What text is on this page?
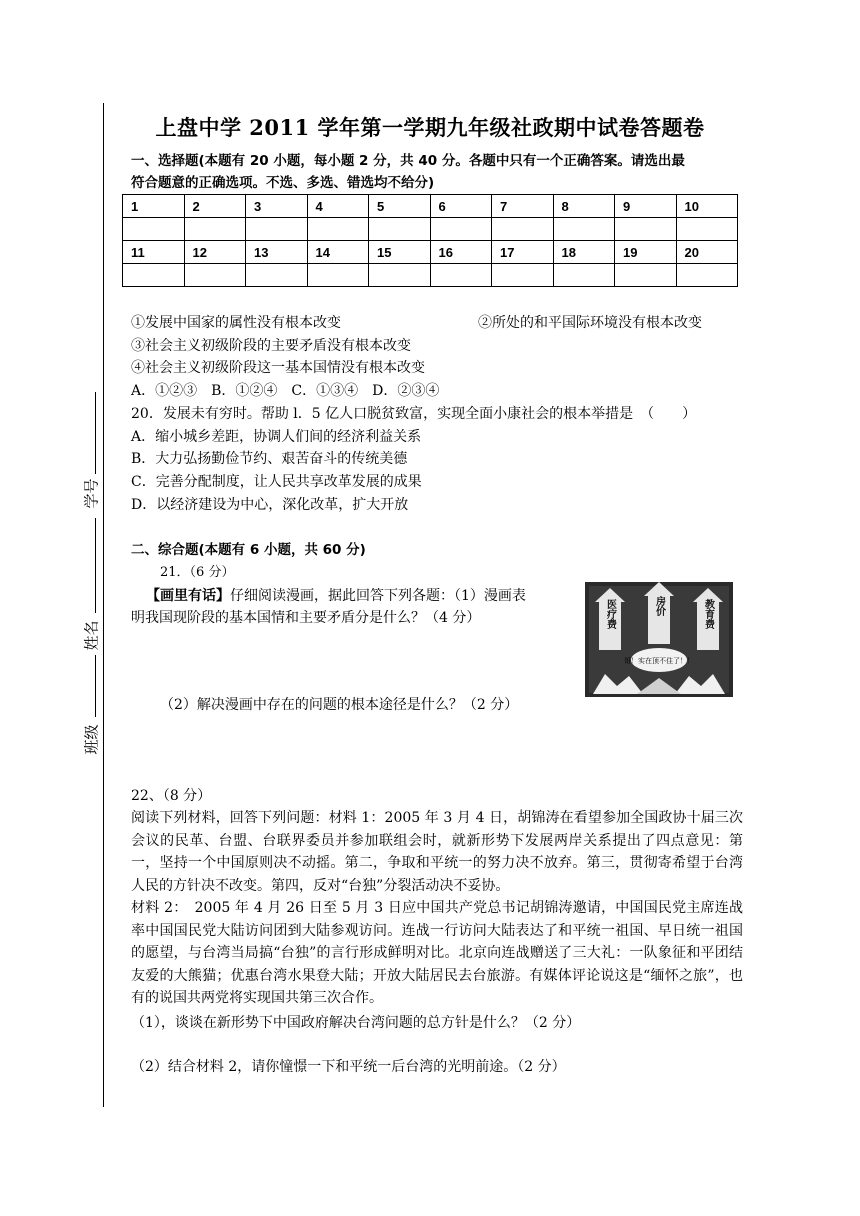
学号
姓名
班级
上盘中学 2011 学年第一学期九年级社政期中试卷答题卷
一、选择题(本题有 20 小题，每小题 2 分，共 40 分。各题中只有一个正确答案。请选出最
符合题意的正确选项。不选、多选、错选均不给分)
1	2	3	4	5	6	7	8	9	10

11	12	13	14	15	16	17	18	19	20

①发展中国家的属性没有根本改变	②所处的和平国际环境没有根本改变
③社会主义初级阶段的主要矛盾没有根本改变
④社会主义初级阶段这一基本国情没有根本改变
A．①②③　B．①②④　C．①③④　D．②③④
20．发展未有穷时。帮助 l．5 亿人口脱贫致富，实现全面小康社会的根本举措是　（　　）
A．缩小城乡差距，协调人们间的经济利益关系
B．大力弘扬勤俭节约、艰苦奋斗的传统美德
C．完善分配制度，让人民共享改革发展的成果
D．以经济建设为中心，深化改革，扩大开放
二、综合题(本题有 6 小题，共 60 分)
21．（6 分）
【画里有话】仔细阅读漫画，据此回答下列各题：（1）漫画表
明我国现阶段的基本国情和主要矛盾分是什么？（4 分）	医疗费	房价	教育费
哥！实在顶不住了！！
（2）解决漫画中存在的问题的根本途径是什么？（2 分）
22、（8 分）
阅读下列材料，回答下列问题：材料 1：2005 年 3 月 4 日，胡锦涛在看望参加全国政协十届三次会议的民革、台盟、台联界委员并参加联组会时，就新形势下发展两岸关系提出了四点意见：第一，坚持一个中国原则决不动摇。第二，争取和平统一的努力决不放弃。第三，贯彻寄希望于台湾人民的方针决不改变。第四，反对“台独”分裂活动决不妥协。
材料 2：　2005 年 4 月 26 日至 5 月 3 日应中国共产党总书记胡锦涛邀请，中国国民党主席连战率中国国民党大陆访问团到大陆参观访问。连战一行访问大陆表达了和平统一祖国、早日统一祖国的愿望，与台湾当局搞“台独”的言行形成鲜明对比。北京向连战赠送了三大礼：一队象征和平团结友爱的大熊猫；优惠台湾水果登大陆；开放大陆居民去台旅游。有媒体评论说这是“缅怀之旅”，也有的说国共两党将实现国共第三次合作。
（1），谈谈在新形势下中国政府解决台湾问题的总方针是什么？（2 分）
（2）结合材料 2，请你憧憬一下和平统一后台湾的光明前途。（2 分）
